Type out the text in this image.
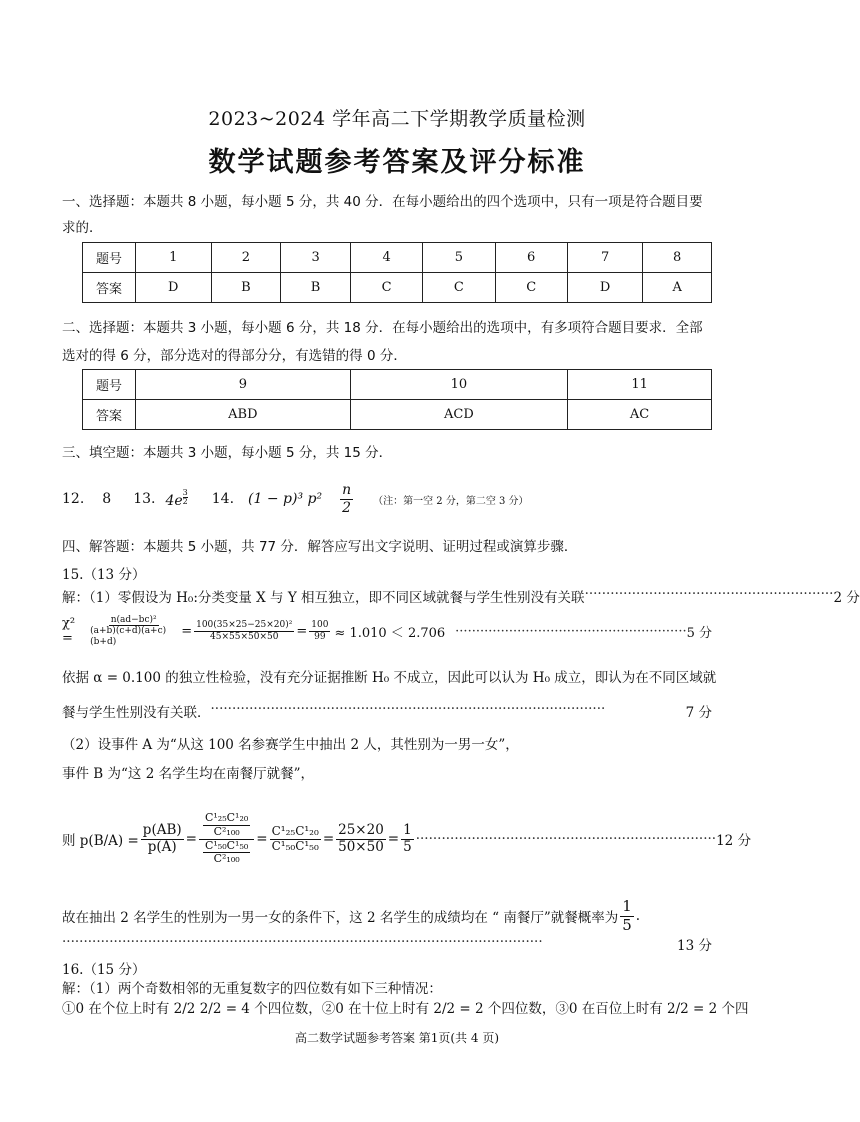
2023~2024 学年高二下学期教学质量检测
数学试题参考答案及评分标准
一、选择题：本题共 8 小题，每小题 5 分，共 40 分．在每小题给出的四个选项中，只有一项是符合题目要
求的．
题号	1	2	3	4	5	6	7	8
答案	D	B	B	C	C	C	D	A
二、选择题：本题共 3 小题，每小题 6 分，共 18 分．在每小题给出的选项中，有多项符合题目要求．全部
选对的得 6 分，部分选对的得部分分，有选错的得 0 分．
题号	9	10	11
答案	ABD	ACD	AC
三、填空题：本题共 3 小题，每小题 5 分，共 15 分．
12. 8 13. $4e \frac{3}{2} 14$. (1 − p)³ $p^2 \frac{n}{2}$ （注：第一空 2 分，第二空 3 分）
四、解答题：本题共 5 小题，共 77 分．解答应写出文字说明、证明过程或演算步骤．
15.（13 分）
解：（1）零假设为 H₀:分类变量 X 与 Y 相互独立，即不同区域就餐与学生性别没有关联 ·························································· 2 分
χ² =	$\frac{\text{n(ad−bc)²}}{(a+b)(c+d)(a+c)(b+d)} = \frac{\text{100(35×25−25×20)²}}{45\times 55\times 50\times 50} = \frac{100}{99} \approx 1.010 < 2.706$ ························································ 5 分
依据 α = 0.100 的独立性检验，没有充分证据推断 H₀ 不成立，因此可以认为 H₀ 成立，即认为在不同区域就
餐与学生性别没有关联． ····························································································	7 分
（2）设事件 A 为“从这 100 名参赛学生中抽出 2 人，其性别为一男一女”，
事件 B 为“这 2 名学生均在南餐厅就餐”，
则 $p(B/A) = \frac{p(AB)}{p(A)} = \frac{\frac{\text{C¹₂₅C¹₂₀}}{\text{C²₁₀₀}}}{\frac{\text{C¹₅₀C¹₅₀}}{\text{C²₁₀₀}}} = \frac{\text{C¹₂₅C¹₂₀}}{\text{C¹₅₀C¹₅₀}} = \frac{25\times 20}{50\times 50} = \frac{1}{5}$ ······································································ 12 分
故在抽出 2 名学生的性别为一男一女的条件下，这 2 名学生的成绩均在 “ 南餐厅”就餐概率为 $\frac{1}{5}$ .
················································································································	13 分
16.（15 分）
解：（1）两个奇数相邻的无重复数字的四位数有如下三种情况：
①0 在个位上时有 2/2 2/2 = 4 个四位数，②0 在十位上时有 2/2 = 2 个四位数，③0 在百位上时有 2/2 = 2 个四
高二数学试题参考答案 第1页(共 4 页)
